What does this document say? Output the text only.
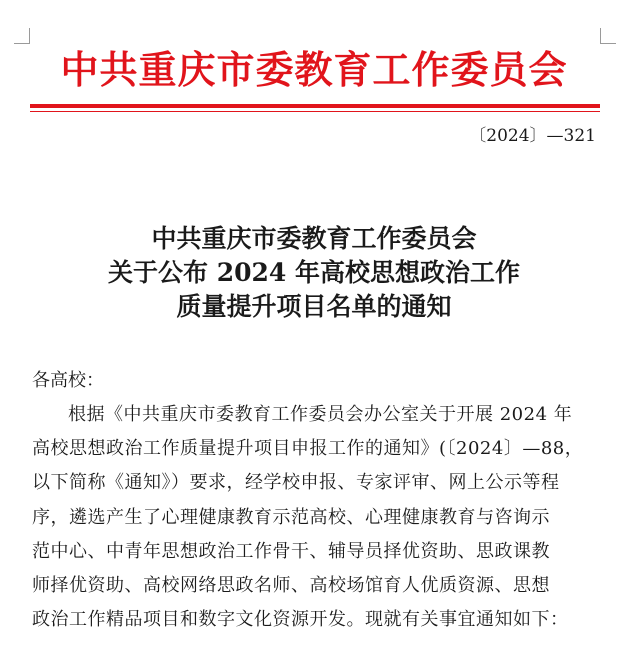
中共重庆市委教育工作委员会
〔2024〕—321
中共重庆市委教育工作委员会
关于公布 2024 年高校思想政治工作
质量提升项目名单的通知
各高校：

根据《中共重庆市委教育工作委员会办公室关于开展 2024 年

高校思想政治工作质量提升项目申报工作的通知》(〔2024〕—88，

以下简称《通知》）要求，经学校申报、专家评审、网上公示等程

序，遴选产生了心理健康教育示范高校、心理健康教育与咨询示

范中心、中青年思想政治工作骨干、辅导员择优资助、思政课教

师择优资助、高校网络思政名师、高校场馆育人优质资源、思想

政治工作精品项目和数字文化资源开发。现就有关事宜通知如下：
